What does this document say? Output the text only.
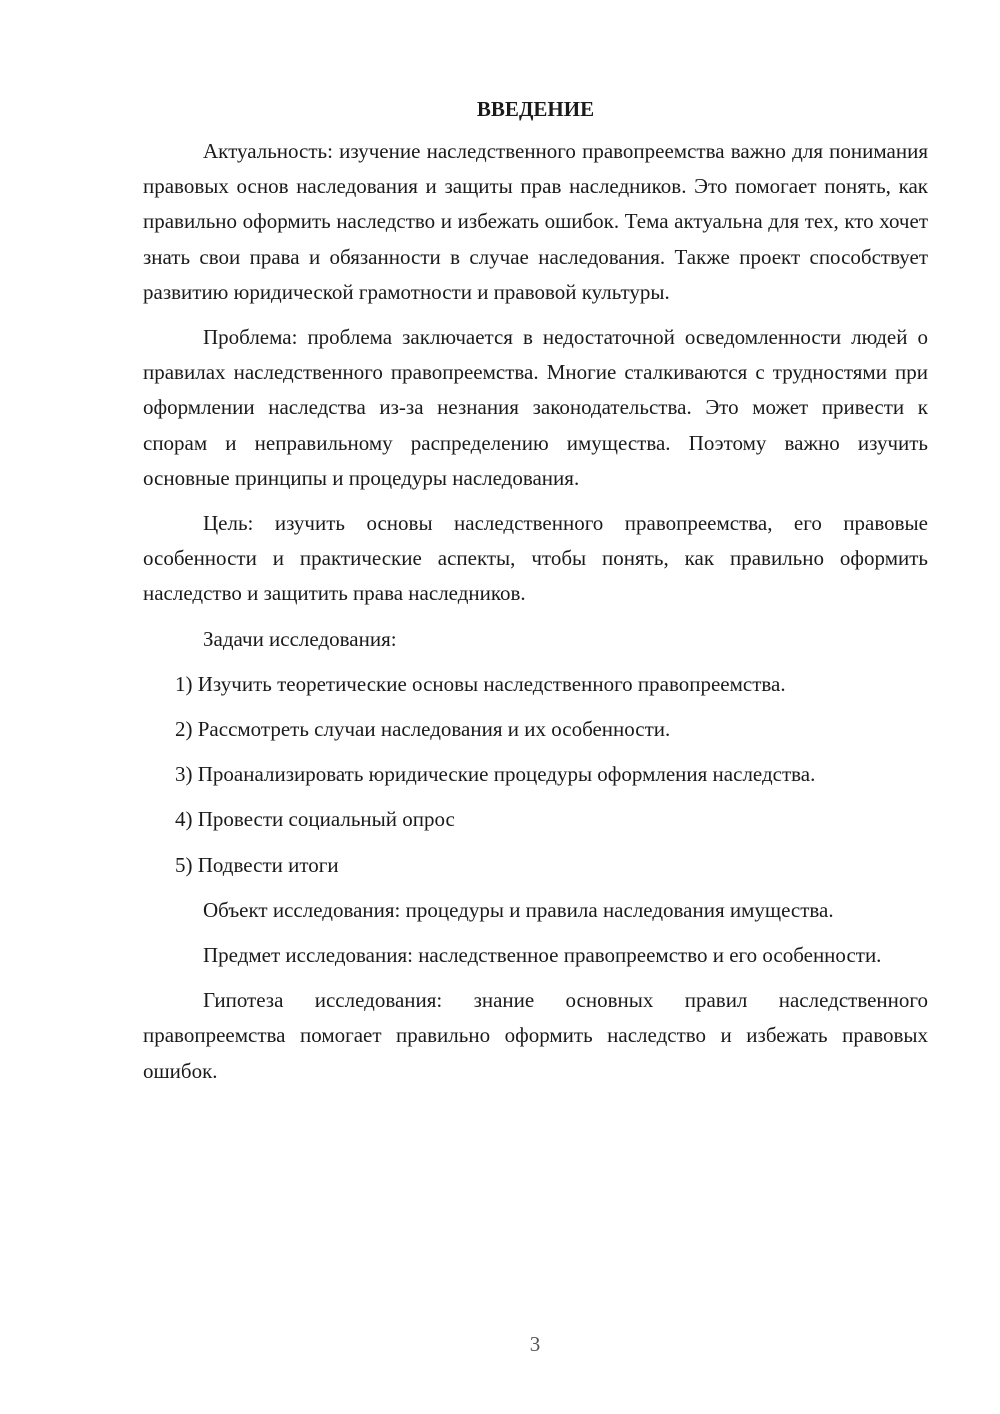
ВВЕДЕНИЕ

Актуальность: изучение наследственного правопреемства важно для понимания правовых основ наследования и защиты прав наследников. Это помогает понять, как правильно оформить наследство и избежать ошибок. Тема актуальна для тех, кто хочет знать свои права и обязанности в случае наследования. Также проект способствует развитию юридической грамотности и правовой культуры.

Проблема: проблема заключается в недостаточной осведомленности людей о правилах наследственного правопреемства. Многие сталкиваются с трудностями при оформлении наследства из-за незнания законодательства. Это может привести к спорам и неправильному распределению имущества. Поэтому важно изучить основные принципы и процедуры наследования.

Цель: изучить основы наследственного правопреемства, его правовые особенности и практические аспекты, чтобы понять, как правильно оформить наследство и защитить права наследников.

Задачи исследования:

1) Изучить теоретические основы наследственного правопреемства.

2) Рассмотреть случаи наследования и их особенности.

3) Проанализировать юридические процедуры оформления наследства.

4) Провести социальный опрос

5) Подвести итоги

Объект исследования: процедуры и правила наследования имущества.

Предмет исследования: наследственное правопреемство и его особенности.

Гипотеза исследования: знание основных правил наследственного правопреемства помогает правильно оформить наследство и избежать правовых ошибок.

3
